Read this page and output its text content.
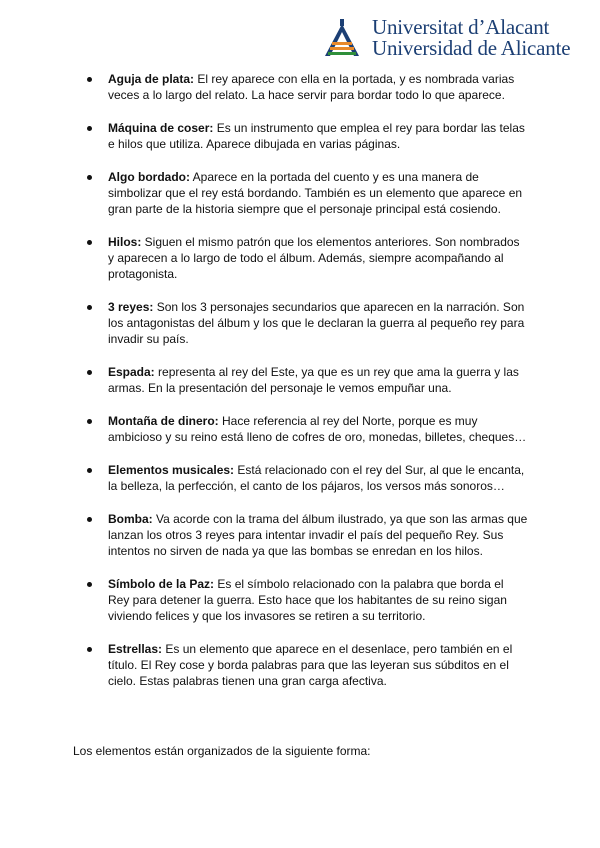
Universitat d’Alacant
Universidad de Alicante
Aguja de plata: El rey aparece con ella en la portada, y es nombrada varias veces a lo largo del relato. La hace servir para bordar todo lo que aparece.
Máquina de coser: Es un instrumento que emplea el rey para bordar las telas e hilos que utiliza. Aparece dibujada en varias páginas.
Algo bordado: Aparece en la portada del cuento y es una manera de simbolizar que el rey está bordando. También es un elemento que aparece en gran parte de la historia siempre que el personaje principal está cosiendo.
Hilos: Siguen el mismo patrón que los elementos anteriores. Son nombrados y aparecen a lo largo de todo el álbum. Además, siempre acompañando al protagonista.
3 reyes: Son los 3 personajes secundarios que aparecen en la narración. Son los antagonistas del álbum y los que le declaran la guerra al pequeño rey para invadir su país.
Espada: representa al rey del Este, ya que es un rey que ama la guerra y las armas. En la presentación del personaje le vemos empuñar una.
Montaña de dinero: Hace referencia al rey del Norte, porque es muy ambicioso y su reino está lleno de cofres de oro, monedas, billetes, cheques…
Elementos musicales: Está relacionado con el rey del Sur, al que le encanta, la belleza, la perfección, el canto de los pájaros, los versos más sonoros…
Bomba: Va acorde con la trama del álbum ilustrado, ya que son las armas que lanzan los otros 3 reyes para intentar invadir el país del pequeño Rey. Sus intentos no sirven de nada ya que las bombas se enredan en los hilos.
Símbolo de la Paz: Es el símbolo relacionado con la palabra que borda el Rey para detener la guerra. Esto hace que los habitantes de su reino sigan viviendo felices y que los invasores se retiren a su territorio.
Estrellas: Es un elemento que aparece en el desenlace, pero también en el título. El Rey cose y borda palabras para que las leyeran sus súbditos en el cielo. Estas palabras tienen una gran carga afectiva.
Los elementos están organizados de la siguiente forma:
